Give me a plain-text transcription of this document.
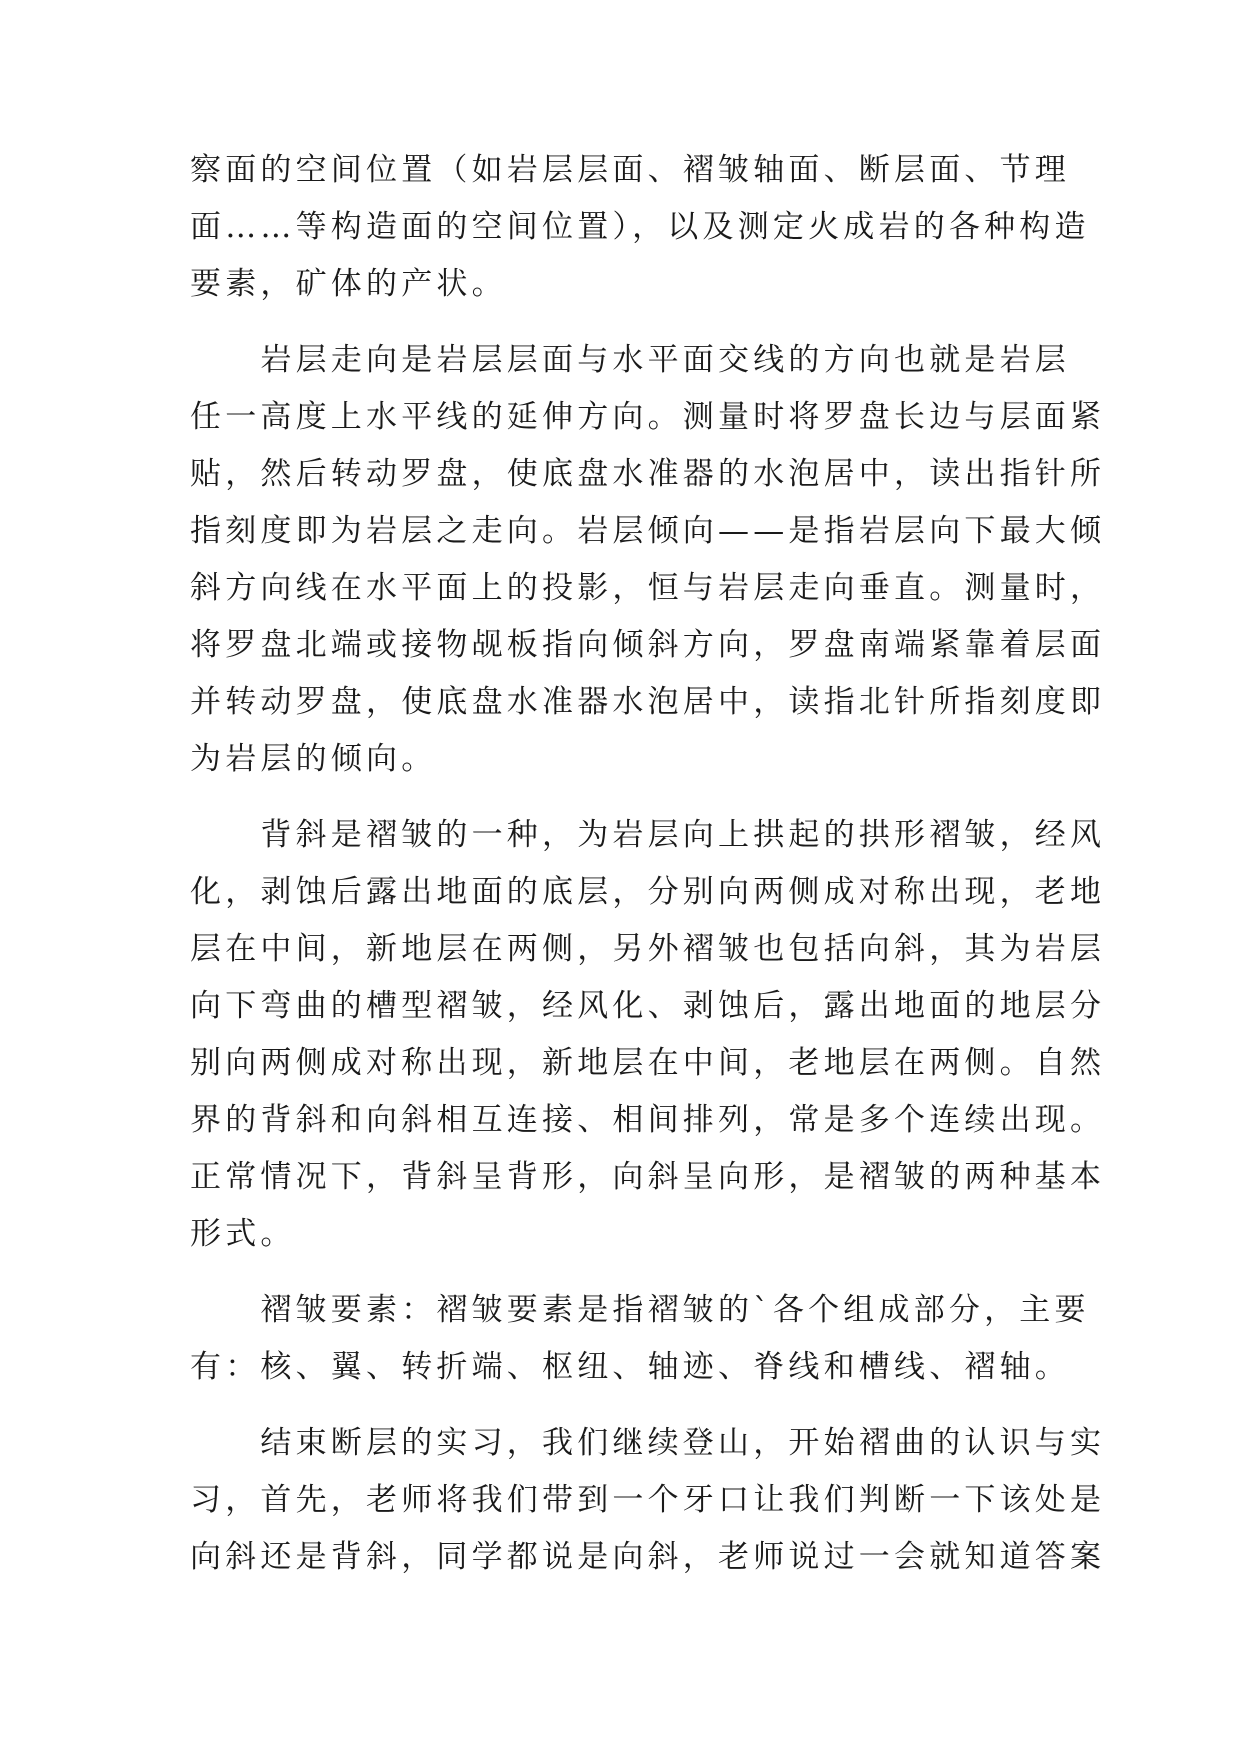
察面的空间位置（如岩层层面、褶皱轴面、断层面、节理
面……等构造面的空间位置），以及测定火成岩的各种构造
要素，矿体的产状。
　　岩层走向是岩层层面与水平面交线的方向也就是岩层
任一高度上水平线的延伸方向。测量时将罗盘长边与层面紧
贴，然后转动罗盘，使底盘水准器的水泡居中，读出指针所
指刻度即为岩层之走向。岩层倾向——是指岩层向下最大倾
斜方向线在水平面上的投影，恒与岩层走向垂直。测量时，
将罗盘北端或接物觇板指向倾斜方向，罗盘南端紧靠着层面
并转动罗盘，使底盘水准器水泡居中，读指北针所指刻度即
为岩层的倾向。
　　背斜是褶皱的一种，为岩层向上拱起的拱形褶皱，经风
化，剥蚀后露出地面的底层，分别向两侧成对称出现，老地
层在中间，新地层在两侧，另外褶皱也包括向斜，其为岩层
向下弯曲的槽型褶皱，经风化、剥蚀后，露出地面的地层分
别向两侧成对称出现，新地层在中间，老地层在两侧。自然
界的背斜和向斜相互连接、相间排列，常是多个连续出现。
正常情况下，背斜呈背形，向斜呈向形，是褶皱的两种基本
形式。
　　褶皱要素：褶皱要素是指褶皱的`各个组成部分，主要
有：核、翼、转折端、枢纽、轴迹、脊线和槽线、褶轴。
　　结束断层的实习，我们继续登山，开始褶曲的认识与实
习，首先，老师将我们带到一个牙口让我们判断一下该处是
向斜还是背斜，同学都说是向斜，老师说过一会就知道答案
